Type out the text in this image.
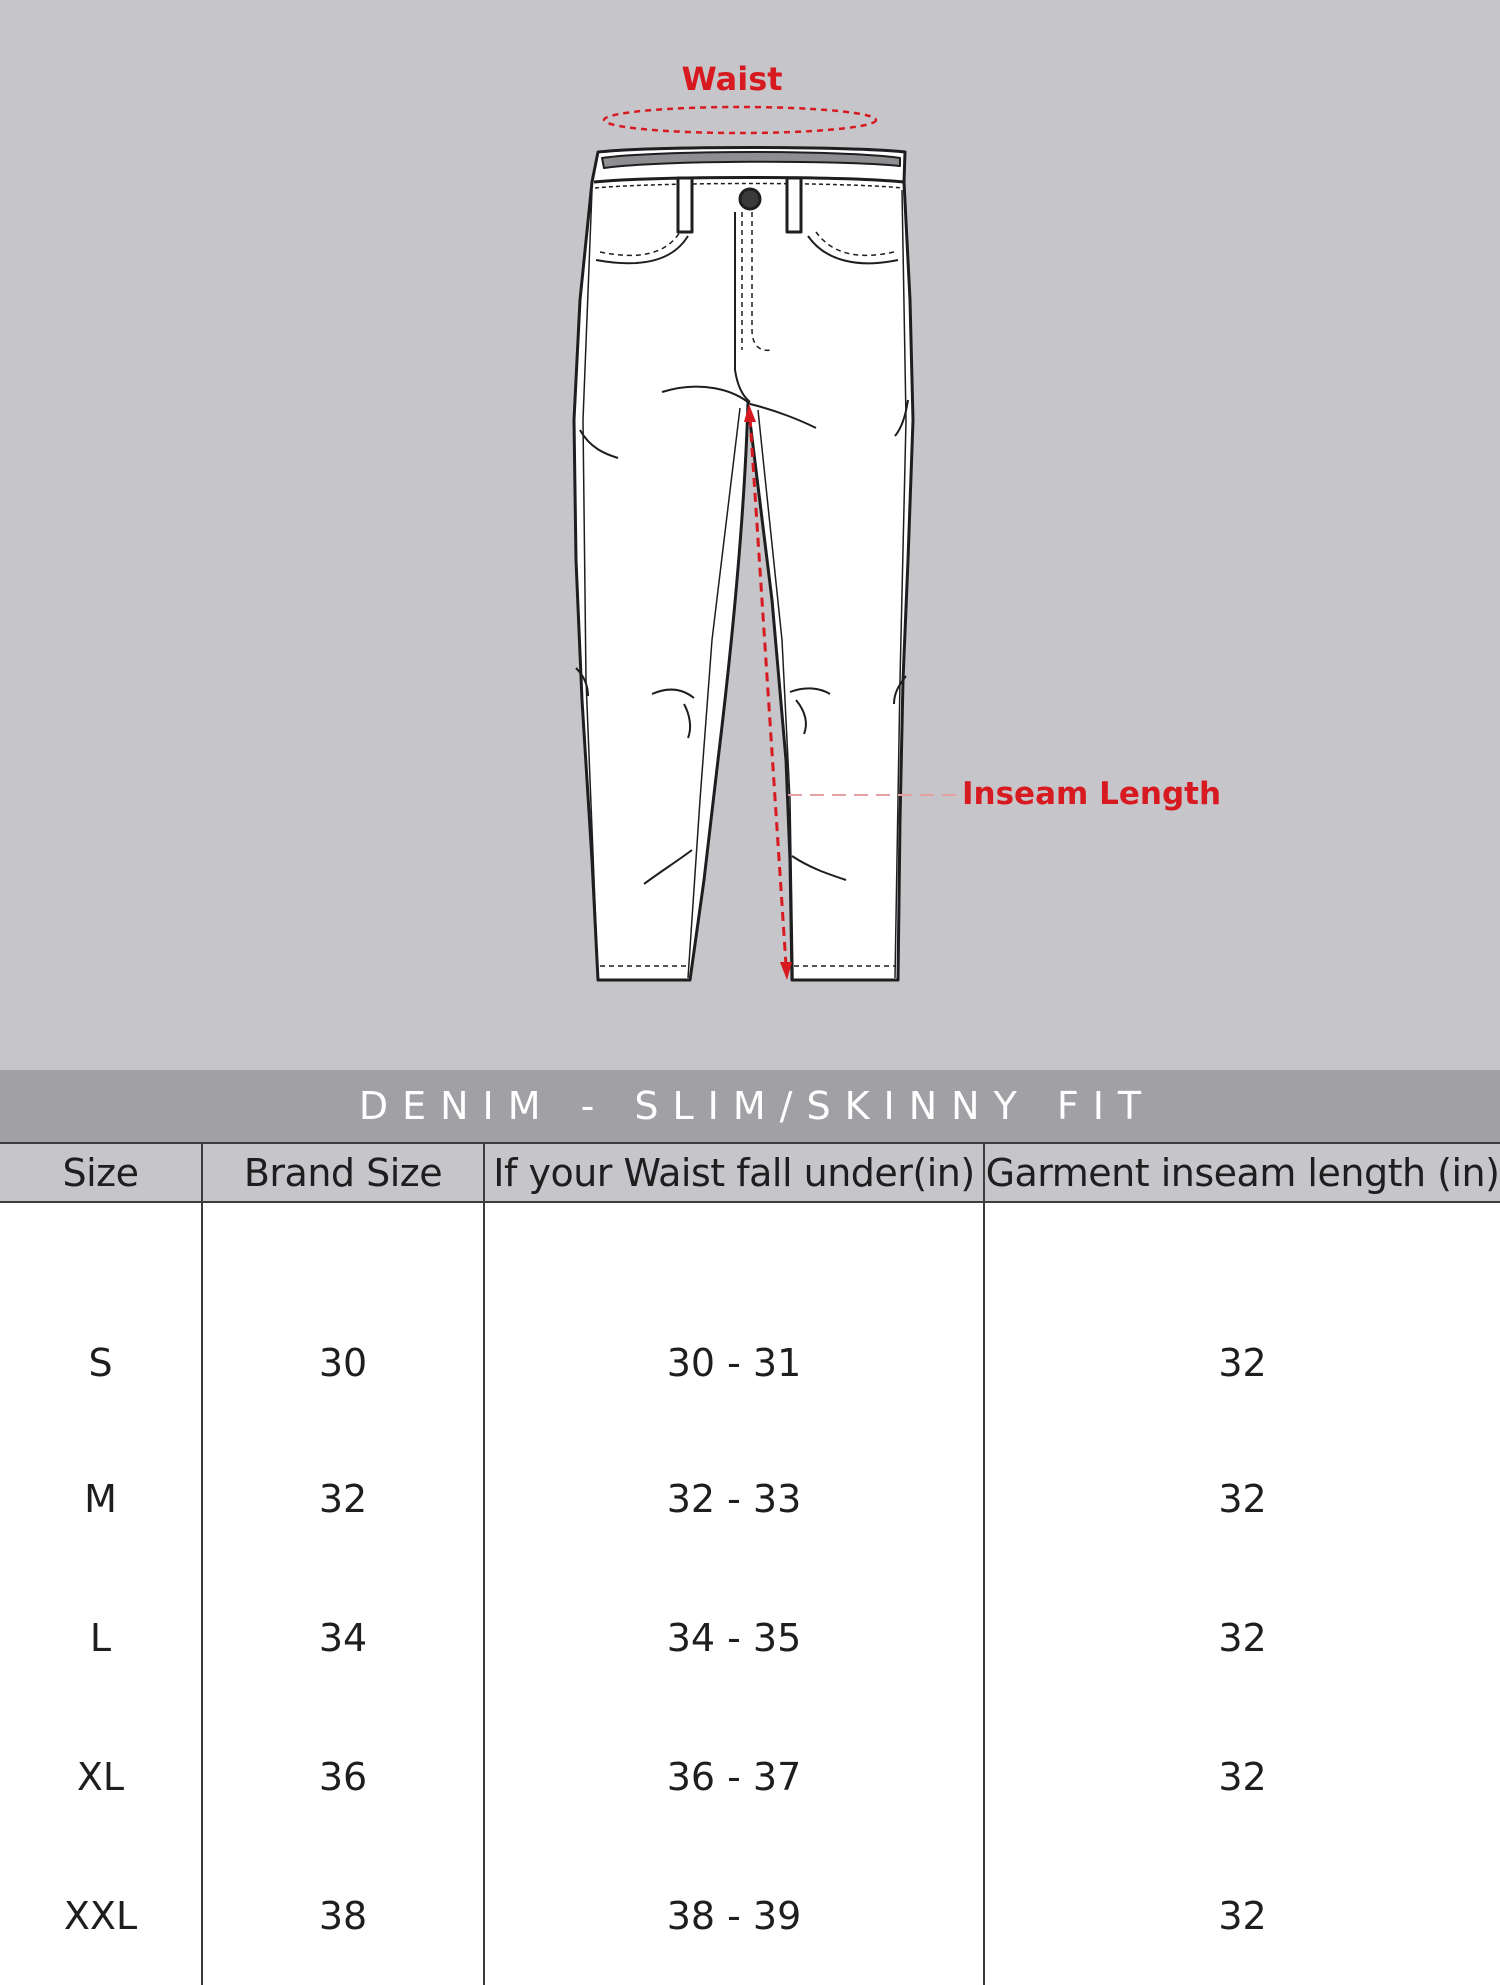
Waist
Inseam Length
DENIM - SLIM/SKINNY FIT
Size	Brand Size	If your Waist fall under(in)	Garment inseam length (in)
S	30	30 - 31	32
M	32	32 - 33	32
L	34	34 - 35	32
XL	36	36 - 37	32
XXL	38	38 - 39	32
